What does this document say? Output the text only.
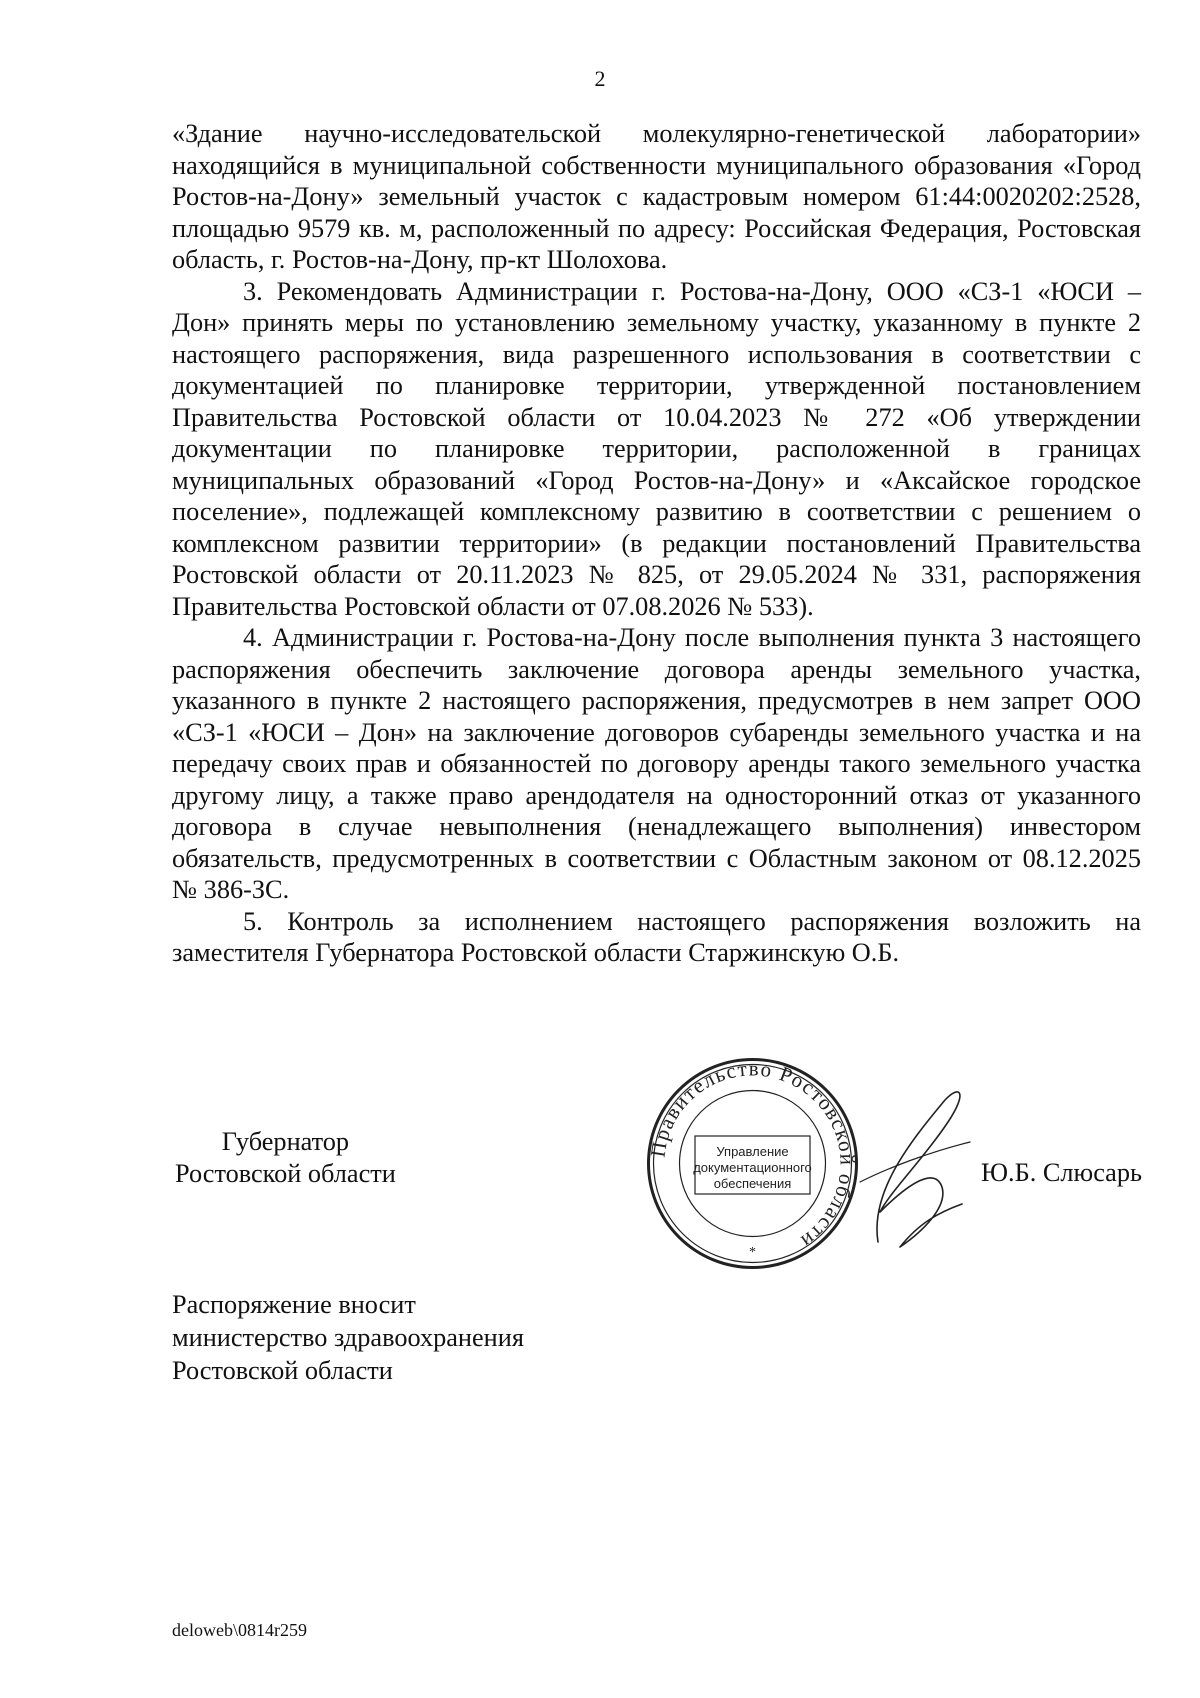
2

«Здание научно-исследовательской молекулярно-генетической лаборатории» находящийся в муниципальной собственности муниципального образования «Город Ростов-на-Дону» земельный участок с кадастровым номером 61:44:0020202:2528, площадью 9579 кв. м, расположенный по адресу: Российская Федерация, Ростовская область, г. Ростов-на-Дону, пр-кт Шолохова.

3. Рекомендовать Администрации г. Ростова-на-Дону, ООО «СЗ-1 «ЮСИ – Дон» принять меры по установлению земельному участку, указанному в пункте 2 настоящего распоряжения, вида разрешенного использования в соответствии с документацией по планировке территории, утвержденной постановлением Правительства Ростовской области от 10.04.2023 № 272 «Об утверждении документации по планировке территории, расположенной в границах муниципальных образований «Город Ростов-на-Дону» и «Аксайское городское поселение», подлежащей комплексному развитию в соответствии с решением о комплексном развитии территории» (в редакции постановлений Правительства Ростовской области от 20.11.2023 № 825, от 29.05.2024 № 331, распоряжения Правительства Ростовской области от 07.08.2026 № 533).

4. Администрации г. Ростова-на-Дону после выполнения пункта 3 настоящего распоряжения обеспечить заключение договора аренды земельного участка, указанного в пункте 2 настоящего распоряжения, предусмотрев в нем запрет ООО «СЗ-1 «ЮСИ – Дон» на заключение договоров субаренды земельного участка и на передачу своих прав и обязанностей по договору аренды такого земельного участка другому лицу, а также право арендодателя на односторонний отказ от указанного договора в случае невыполнения (ненадлежащего выполнения) инвестором обязательств, предусмотренных в соответствии с Областным законом от 08.12.2025 № 386-ЗС.

5. Контроль за исполнением настоящего распоряжения возложить на заместителя Губернатора Ростовской области Старжинскую О.Б.

Губернатор
Ростовской области
Правительство Ростовской области
Управление
документационного
обеспечения
*
Ю.Б. Слюсарь
Распоряжение вносит
министерство здравоохранения
Ростовской области
deloweb\0814r259
